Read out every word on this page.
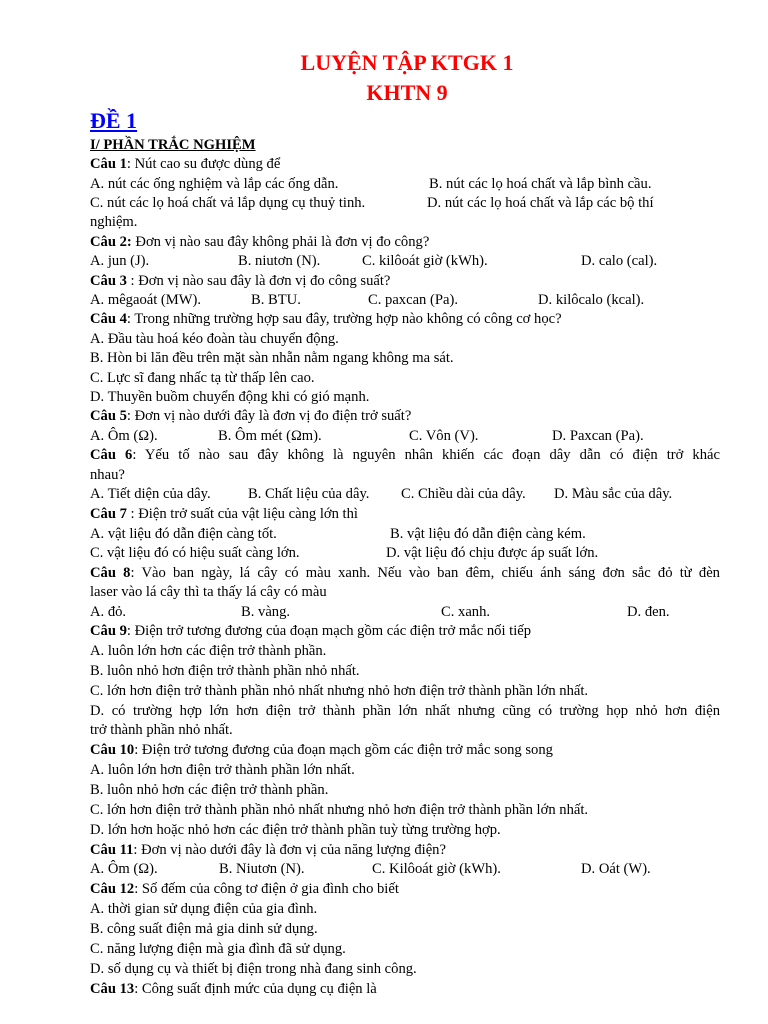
LUYỆN TẬP KTGK 1
KHTN 9
ĐỀ 1
I/ PHẦN TRẮC NGHIỆM
Câu 1: Nút cao su được dùng để
A. nút các ống nghiệm và lắp các ống dẫn.	B. nút các lọ hoá chất và lắp bình cầu.
C. nút các lọ hoá chất vả lắp dụng cụ thuỷ tinh.	D. nút các lọ hoá chất và lắp các bộ thí
nghiệm.
Câu 2: Đơn vị nào sau đây không phải là đơn vị đo công?
A. jun (J).	B. niutơn (N).	C. kilôoát giờ (kWh).	D. calo (cal).
Câu 3 : Đơn vị nào sau đây là đơn vị đo công suất?
A. mêgaoát (MW).	B. BTU.	C. paxcan (Pa).	D. kilôcalo (kcal).
Câu 4: Trong những trường hợp sau đây, trường hợp nào không có công cơ học?
A. Đầu tàu hoá kéo đoàn tàu chuyển động.
B. Hòn bi lăn đều trên mặt sàn nhẵn nằm ngang không ma sát.
C. Lực sĩ đang nhấc tạ từ thấp lên cao.
D. Thuyền buồm chuyển động khi có gió mạnh.
Câu 5: Đơn vị nào dưới đây là đơn vị đo điện trở suất?
A. Ôm (Ω).	B. Ôm mét (Ωm).	C. Vôn (V).	D. Paxcan (Pa).
Câu 6: Yếu tố nào sau đây không là nguyên nhân khiến các đoạn dây dẫn có điện trở khác
nhau?
A. Tiết diện của dây.	B. Chất liệu của dây. C. Chiều dài của dây. D. Màu sắc của dây.
Câu 7 : Điện trở suất của vật liệu càng lớn thì
A. vật liệu đó dẫn điện càng tốt.	B. vật liệu đó dẫn điện càng kém.
C. vật liệu đó có hiệu suất càng lớn.	D. vật liệu đó chịu được áp suất lớn.
Câu 8: Vào ban ngày, lá cây có màu xanh. Nếu vào ban đêm, chiếu ánh sáng đơn sắc đỏ từ đèn
laser vào lá cây thì ta thấy lá cây có màu
A. đỏ.	B. vàng.	C. xanh.	D. đen.
Câu 9: Điện trở tương đương của đoạn mạch gồm các điện trở mắc nối tiếp
A. luôn lớn hơn các điện trở thành phần.
B. luôn nhỏ hơn điện trở thành phần nhỏ nhất.
C. lớn hơn điện trở thành phần nhỏ nhất nhưng nhỏ hơn điện trở thành phần lớn nhất.
D. có trường hợp lớn hơn điện trở thành phần lớn nhất nhưng cũng có trường họp nhỏ hơn điện
trở thành phần nhỏ nhất.
Câu 10: Điện trở tương đương của đoạn mạch gồm các điện trở mắc song song
A. luôn lớn hơn điện trở thành phần lớn nhất.
B. luôn nhỏ hơn các điện trở thành phần.
C. lớn hơn điện trở thành phần nhỏ nhất nhưng nhỏ hơn điện trở thành phần lớn nhất.
D. lớn hơn hoặc nhỏ hơn các điện trở thành phần tuỳ từng trường hợp.
Câu 11: Đơn vị nào dưới đây là đơn vị của năng lượng điện?
A. Ôm (Ω).	B. Niutơn (N).	C. Kilôoát giờ (kWh).	D. Oát (W).
Câu 12: Số đếm của công tơ điện ở gia đình cho biết
A. thời gian sử dụng điện của gia đình.
B. công suất điện mả gia dinh sử dụng.
C. năng lượng điện mà gia đình đã sử dụng.
D. số dụng cụ và thiết bị điện trong nhà đang sinh công.
Câu 13: Công suất định mức của dụng cụ điện là
